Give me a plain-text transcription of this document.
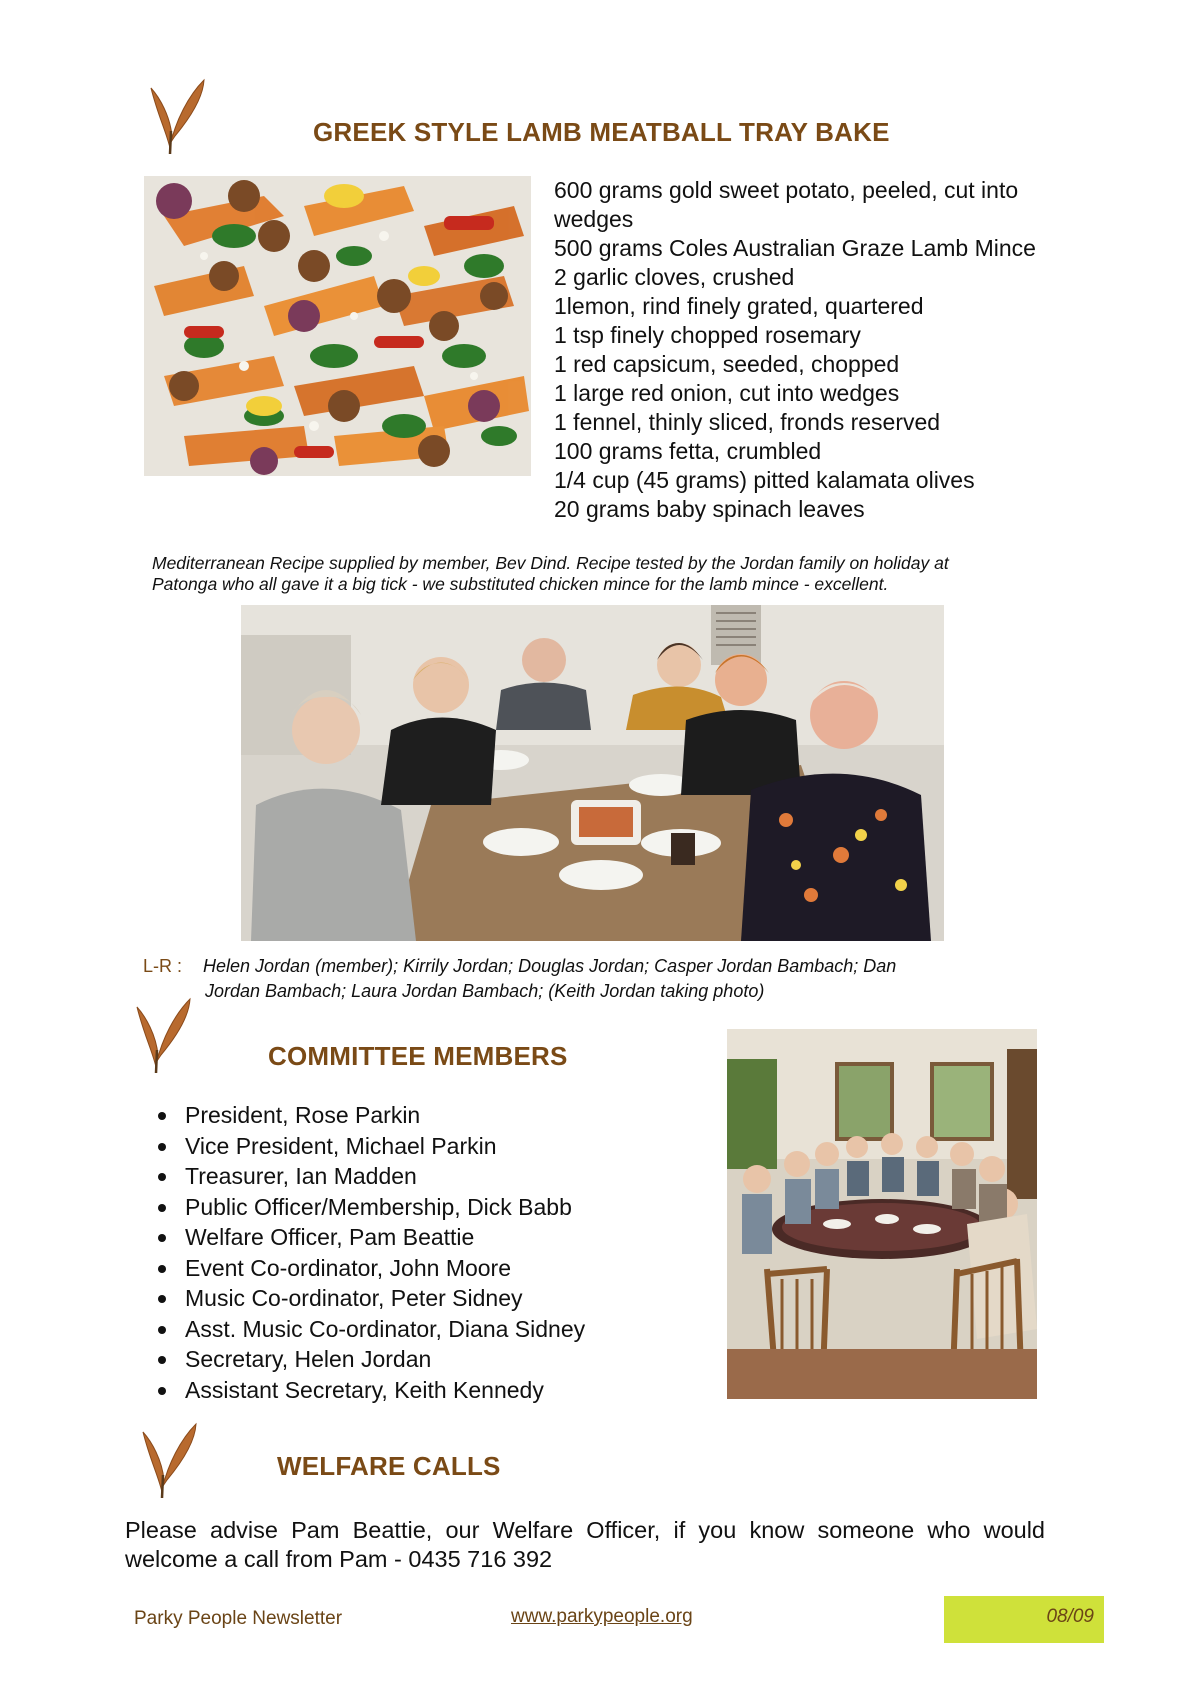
GREEK STYLE LAMB MEATBALL TRAY BAKE
600 grams gold sweet potato, peeled, cut into
wedges
500 grams Coles Australian Graze Lamb Mince
2 garlic cloves, crushed
1lemon, rind finely grated, quartered
1 tsp finely chopped rosemary
1 red capsicum, seeded, chopped
1 large red onion, cut into wedges
1 fennel, thinly sliced, fronds reserved
100 grams fetta, crumbled
1/4 cup (45 grams) pitted kalamata olives
20 grams baby spinach leaves
Mediterranean Recipe supplied by member, Bev Dind. Recipe tested by the Jordan family on holiday at
Patonga who all gave it a big tick - we substituted chicken mince for the lamb mince - excellent.
L-R : Helen Jordan (member); Kirrily Jordan; Douglas Jordan; Casper Jordan Bambach; Dan
Jordan Bambach; Laura Jordan Bambach; (Keith Jordan taking photo)
COMMITTEE MEMBERS
President, Rose Parkin
Vice President, Michael Parkin
Treasurer, Ian Madden
Public Officer/Membership, Dick Babb
Welfare Officer, Pam Beattie
Event Co-ordinator, John Moore
Music Co-ordinator, Peter Sidney
Asst. Music Co-ordinator, Diana Sidney
Secretary, Helen Jordan
Assistant Secretary, Keith Kennedy
WELFARE CALLS
Please advise Pam Beattie, our Welfare Officer, if you know someone who would welcome a call from Pam - 0435 716 392
Parky People Newsletter	www.parkypeople.org	08/09
